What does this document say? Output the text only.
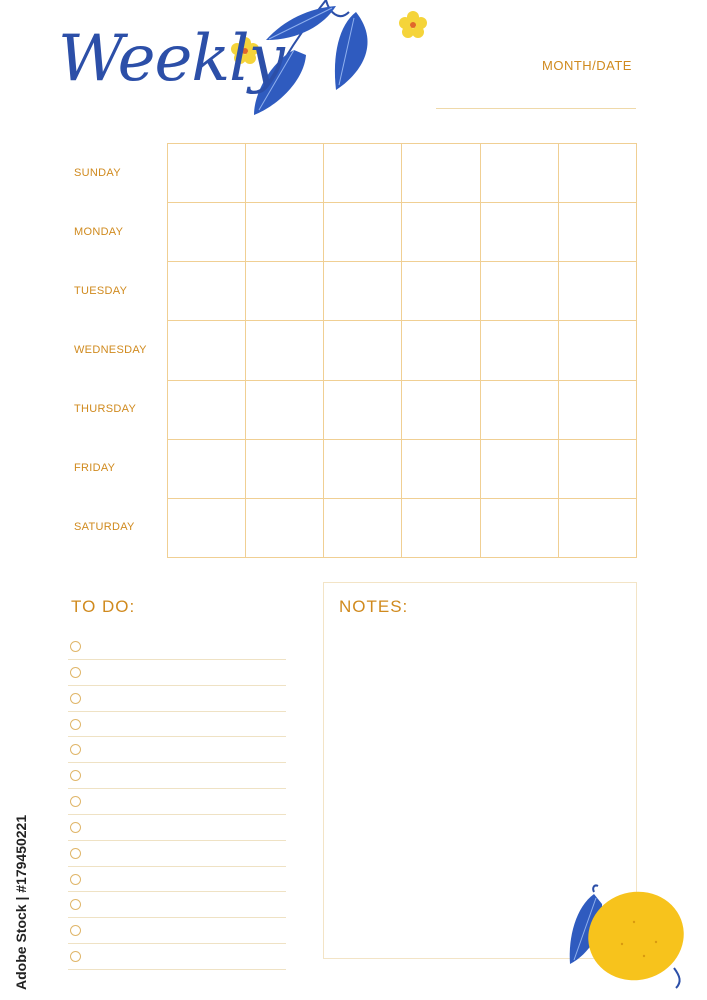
Weekly	MONTH/DATE
SUNDAY
MONDAY
TUESDAY
WEDNESDAY
THURSDAY
FRIDAY
SATURDAY
TO DO:	NOTES:
Adobe Stock | #179450221
